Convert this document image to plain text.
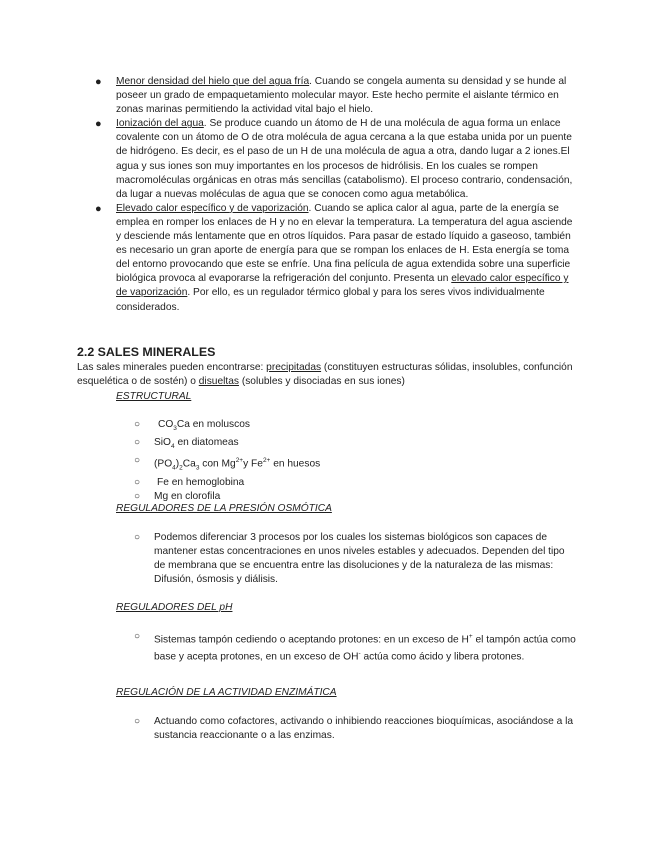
● Menor densidad del hielo que del agua fría. Cuando se congela aumenta su densidad y se hunde al poseer un grado de empaquetamiento molecular mayor. Este hecho permite el aislante térmico en zonas marinas permitiendo la actividad vital bajo el hielo.
● Ionización del agua. Se produce cuando un átomo de H de una molécula de agua forma un enlace covalente con un átomo de O de otra molécula de agua cercana a la que estaba unida por un puente de hidrógeno. Es decir, es el paso de un H de una molécula de agua a otra, dando lugar a 2 iones.El agua y sus iones son muy importantes en los procesos de hidrólisis. En los cuales se rompen macromoléculas orgánicas en otras más sencillas (catabolismo). El proceso contrario, condensación, da lugar a nuevas moléculas de agua que se conocen como agua metabólica.
● Elevado calor específico y de vaporización. Cuando se aplica calor al agua, parte de la energía se emplea en romper los enlaces de H y no en elevar la temperatura. La temperatura del agua asciende y desciende más lentamente que en otros líquidos. Para pasar de estado líquido a gaseoso, también es necesario un gran aporte de energía para que se rompan los enlaces de H. Esta energía se toma del entorno provocando que este se enfríe. Una fina película de agua extendida sobre una superficie biológica provoca al evaporarse la refrigeración del conjunto. Presenta un elevado calor específico y de vaporización. Por ello, es un regulador térmico global y para los seres vivos individualmente considerados.
2.2 SALES MINERALES

Las sales minerales pueden encontrarse: precipitadas (constituyen estructuras sólidas, insolubles, confunción esquelética o de sostén) o disueltas (solubles y disociadas en sus iones)

ESTRUCTURAL

○ $CO_3Ca$ en moluscos
○ SiO$_4$ en diatomeas
○ $(PO_4)_2Ca_3$ con $Mg^{2+}y$ $Fe^{2+}$ en huesos
○ Fe en hemoglobina
○ Mg en clorofila

REGULADORES DE LA PRESIÓN OSMÓTICA

○ Podemos diferenciar 3 procesos por los cuales los sistemas biológicos son capaces de mantener estas concentraciones en unos niveles estables y adecuados. Dependen del tipo de membrana que se encuentra entre las disoluciones y de la naturaleza de las mismas: Difusión, ósmosis y diálisis.

REGULADORES DEL pH

○ Sistemas tampón cediendo o aceptando protones: en un exceso de H+ el tampón actúa como base y acepta protones, en un exceso de OH- actúa como ácido y libera protones.

REGULACIÓN DE LA ACTIVIDAD ENZIMÁTICA

○ Actuando como cofactores, activando o inhibiendo reacciones bioquímicas, asociándose a la sustancia reaccionante o a las enzimas.
